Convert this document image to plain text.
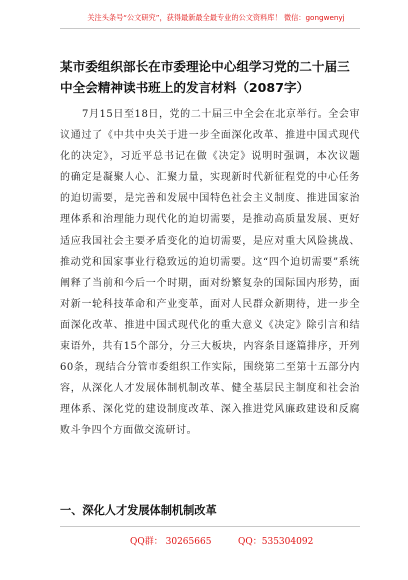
关注头条号“公文研究”，获得最新最全最专业的公文资料库！ 微信：gongwenyj
某市委组织部长在市委理论中心组学习党的二十届三中全会精神读书班上的发言材料（2087字）

7月15日至18日，党的二十届三中全会在北京举行。全会审议通过了《中共中央关于进一步全面深化改革、推进中国式现代化的决定》，习近平总书记在做《决定》说明时强调，本次议题的确定是凝聚人心、汇聚力量，实现新时代新征程党的中心任务的迫切需要，是完善和发展中国特色社会主义制度、推进国家治理体系和治理能力现代化的迫切需要，是推动高质量发展、更好适应我国社会主要矛盾变化的迫切需要，是应对重大风险挑战、推动党和国家事业行稳致远的迫切需要。这“四个迫切需要”系统阐释了当前和今后一个时期，面对纷繁复杂的国际国内形势，面对新一轮科技革命和产业变革，面对人民群众新期待，进一步全面深化改革、推进中国式现代化的重大意义《决定》除引言和结束语外，共有15个部分，分三大板块，内容条目逐篇排序，开列60条，现结合分管市委组织工作实际，围绕第二至第十五部分内容，从深化人才发展体制机制改革、健全基层民主制度和社会治理体系、深化党的建设制度改革、深入推进党风廉政建设和反腐败斗争四个方面做交流研讨。

一、深化人才发展体制机制改革
QQ群： 30265665	QQ：535304092
